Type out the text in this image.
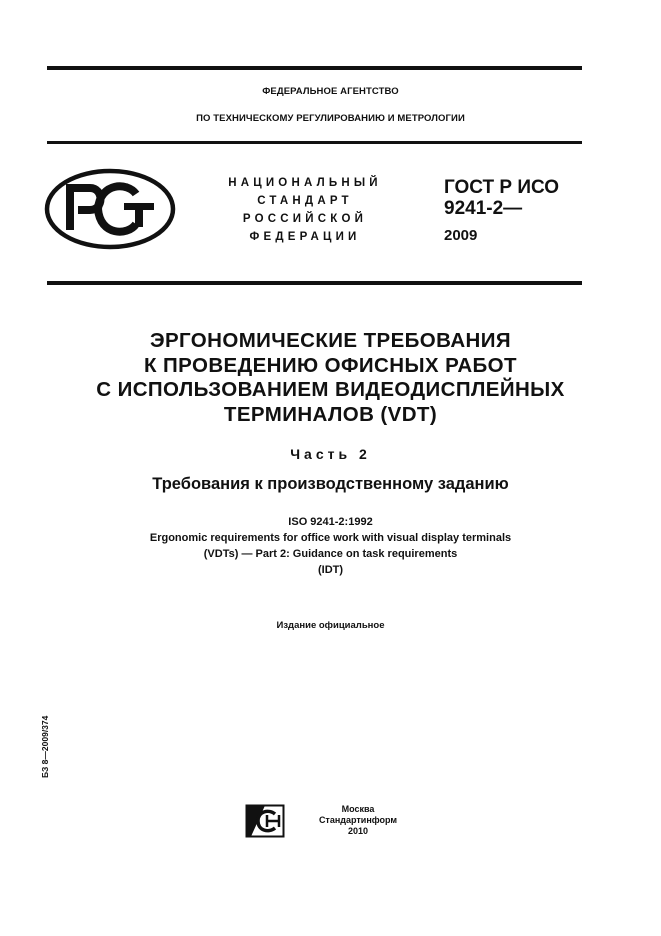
ФЕДЕРАЛЬНОЕ АГЕНТСТВО
ПО ТЕХНИЧЕСКОМУ РЕГУЛИРОВАНИЮ И МЕТРОЛОГИИ
НАЦИОНАЛЬНЫЙ
СТАНДАРТ
РОССИЙСКОЙ
ФЕДЕРАЦИИ
ГОСТ Р ИСО
9241-2—
2009
ЭРГОНОМИЧЕСКИЕ ТРЕБОВАНИЯ
К ПРОВЕДЕНИЮ ОФИСНЫХ РАБОТ
С ИСПОЛЬЗОВАНИЕМ ВИДЕОДИСПЛЕЙНЫХ
ТЕРМИНАЛОВ (VDT)
Часть 2
Требования к производственному заданию
ISO 9241-2:1992
Ergonomic requirements for office work with visual display terminals
(VDTs) — Part 2: Guidance on task requirements
(IDT)
Издание официальное
БЗ 8—2009/374
Москва
Стандартинформ
2010
